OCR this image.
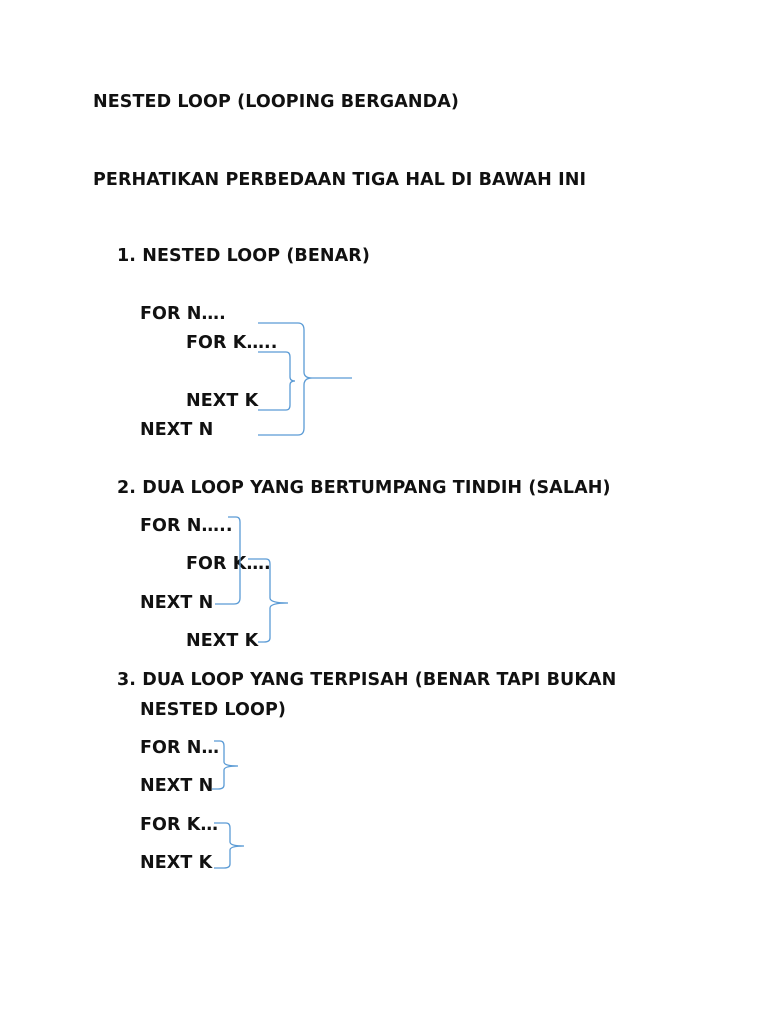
NESTED LOOP (LOOPING BERGANDA)
PERHATIKAN PERBEDAAN TIGA HAL DI BAWAH INI
1. NESTED LOOP (BENAR)
FOR N….
FOR K…..
NEXT K
NEXT N
2. DUA LOOP YANG BERTUMPANG TINDIH (SALAH)
FOR N…..
FOR K….
NEXT N
NEXT K
3. DUA LOOP YANG TERPISAH (BENAR TAPI BUKAN
NESTED LOOP)
FOR N…
NEXT N
FOR K…
NEXT K
